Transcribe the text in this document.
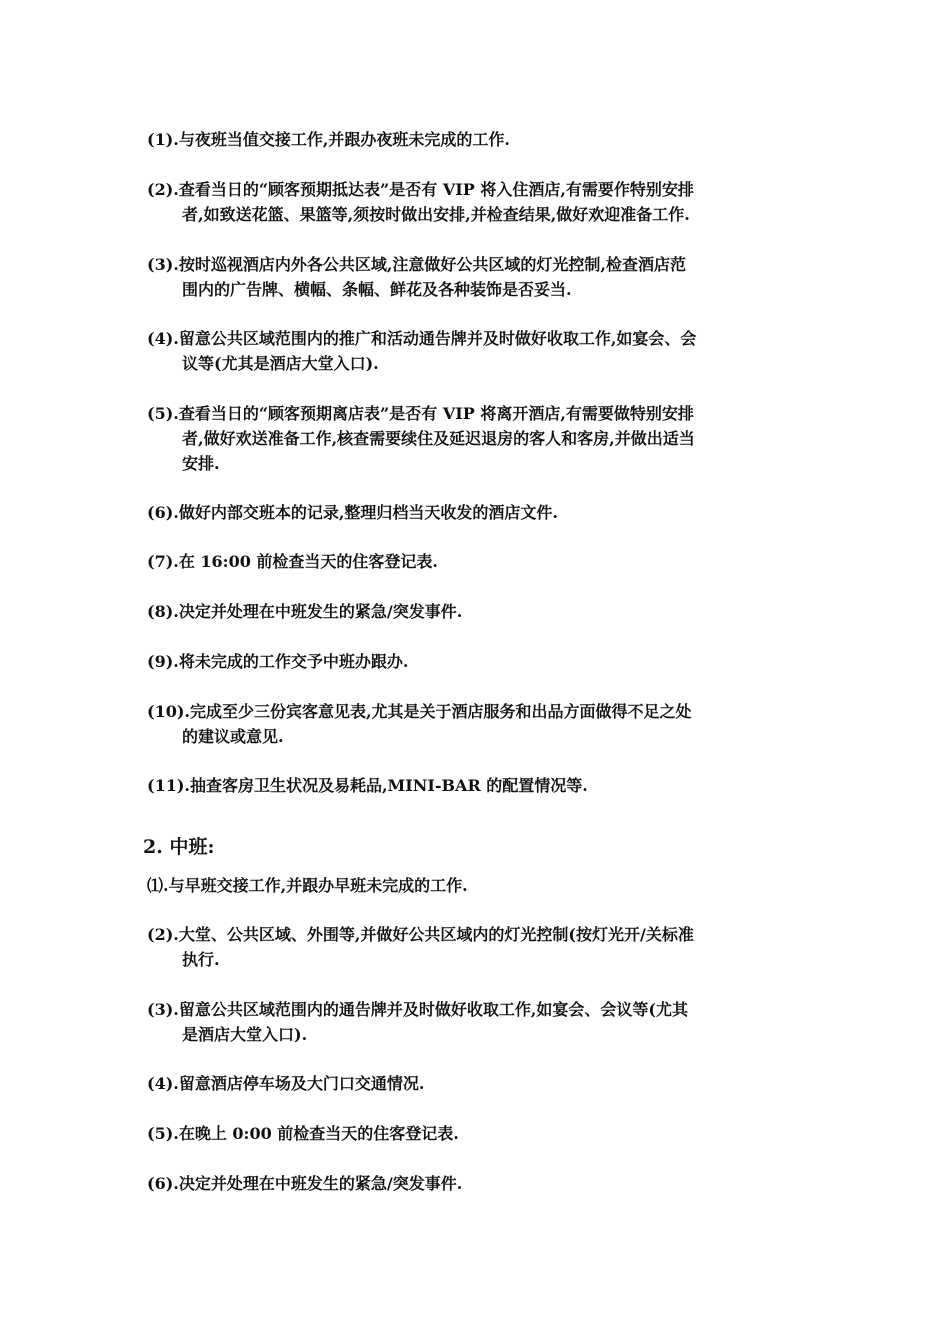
(1).与夜班当值交接工作,并跟办夜班未完成的工作.
(2).查看当日的“顾客预期抵达表”是否有 VIP 将入住酒店,有需要作特别安排
者,如致送花篮、果篮等,须按时做出安排,并检查结果,做好欢迎准备工作.
(3).按时巡视酒店内外各公共区域,注意做好公共区域的灯光控制,检查酒店范
围内的广告牌、横幅、条幅、鲜花及各种装饰是否妥当.
(4).留意公共区域范围内的推广和活动通告牌并及时做好收取工作,如宴会、会
议等(尤其是酒店大堂入口).
(5).查看当日的“顾客预期离店表”是否有 VIP 将离开酒店,有需要做特别安排
者,做好欢送准备工作,核查需要续住及延迟退房的客人和客房,并做出适当
安排.
(6).做好内部交班本的记录,整理归档当天收发的酒店文件.
(7).在 16:00 前检查当天的住客登记表.
(8).决定并处理在中班发生的紧急/突发事件.
(9).将未完成的工作交予中班办跟办.
(10).完成至少三份宾客意见表,尤其是关于酒店服务和出品方面做得不足之处
的建议或意见.
(11).抽查客房卫生状况及易耗品,MINI-BAR 的配置情况等.
2. 中班:
⑴.与早班交接工作,并跟办早班未完成的工作.
(2).大堂、公共区域、外围等,并做好公共区域内的灯光控制(按灯光开/关标准
执行.
(3).留意公共区域范围内的通告牌并及时做好收取工作,如宴会、会议等(尤其
是酒店大堂入口).
(4).留意酒店停车场及大门口交通情况.
(5).在晚上 0:00 前检查当天的住客登记表.
(6).决定并处理在中班发生的紧急/突发事件.
